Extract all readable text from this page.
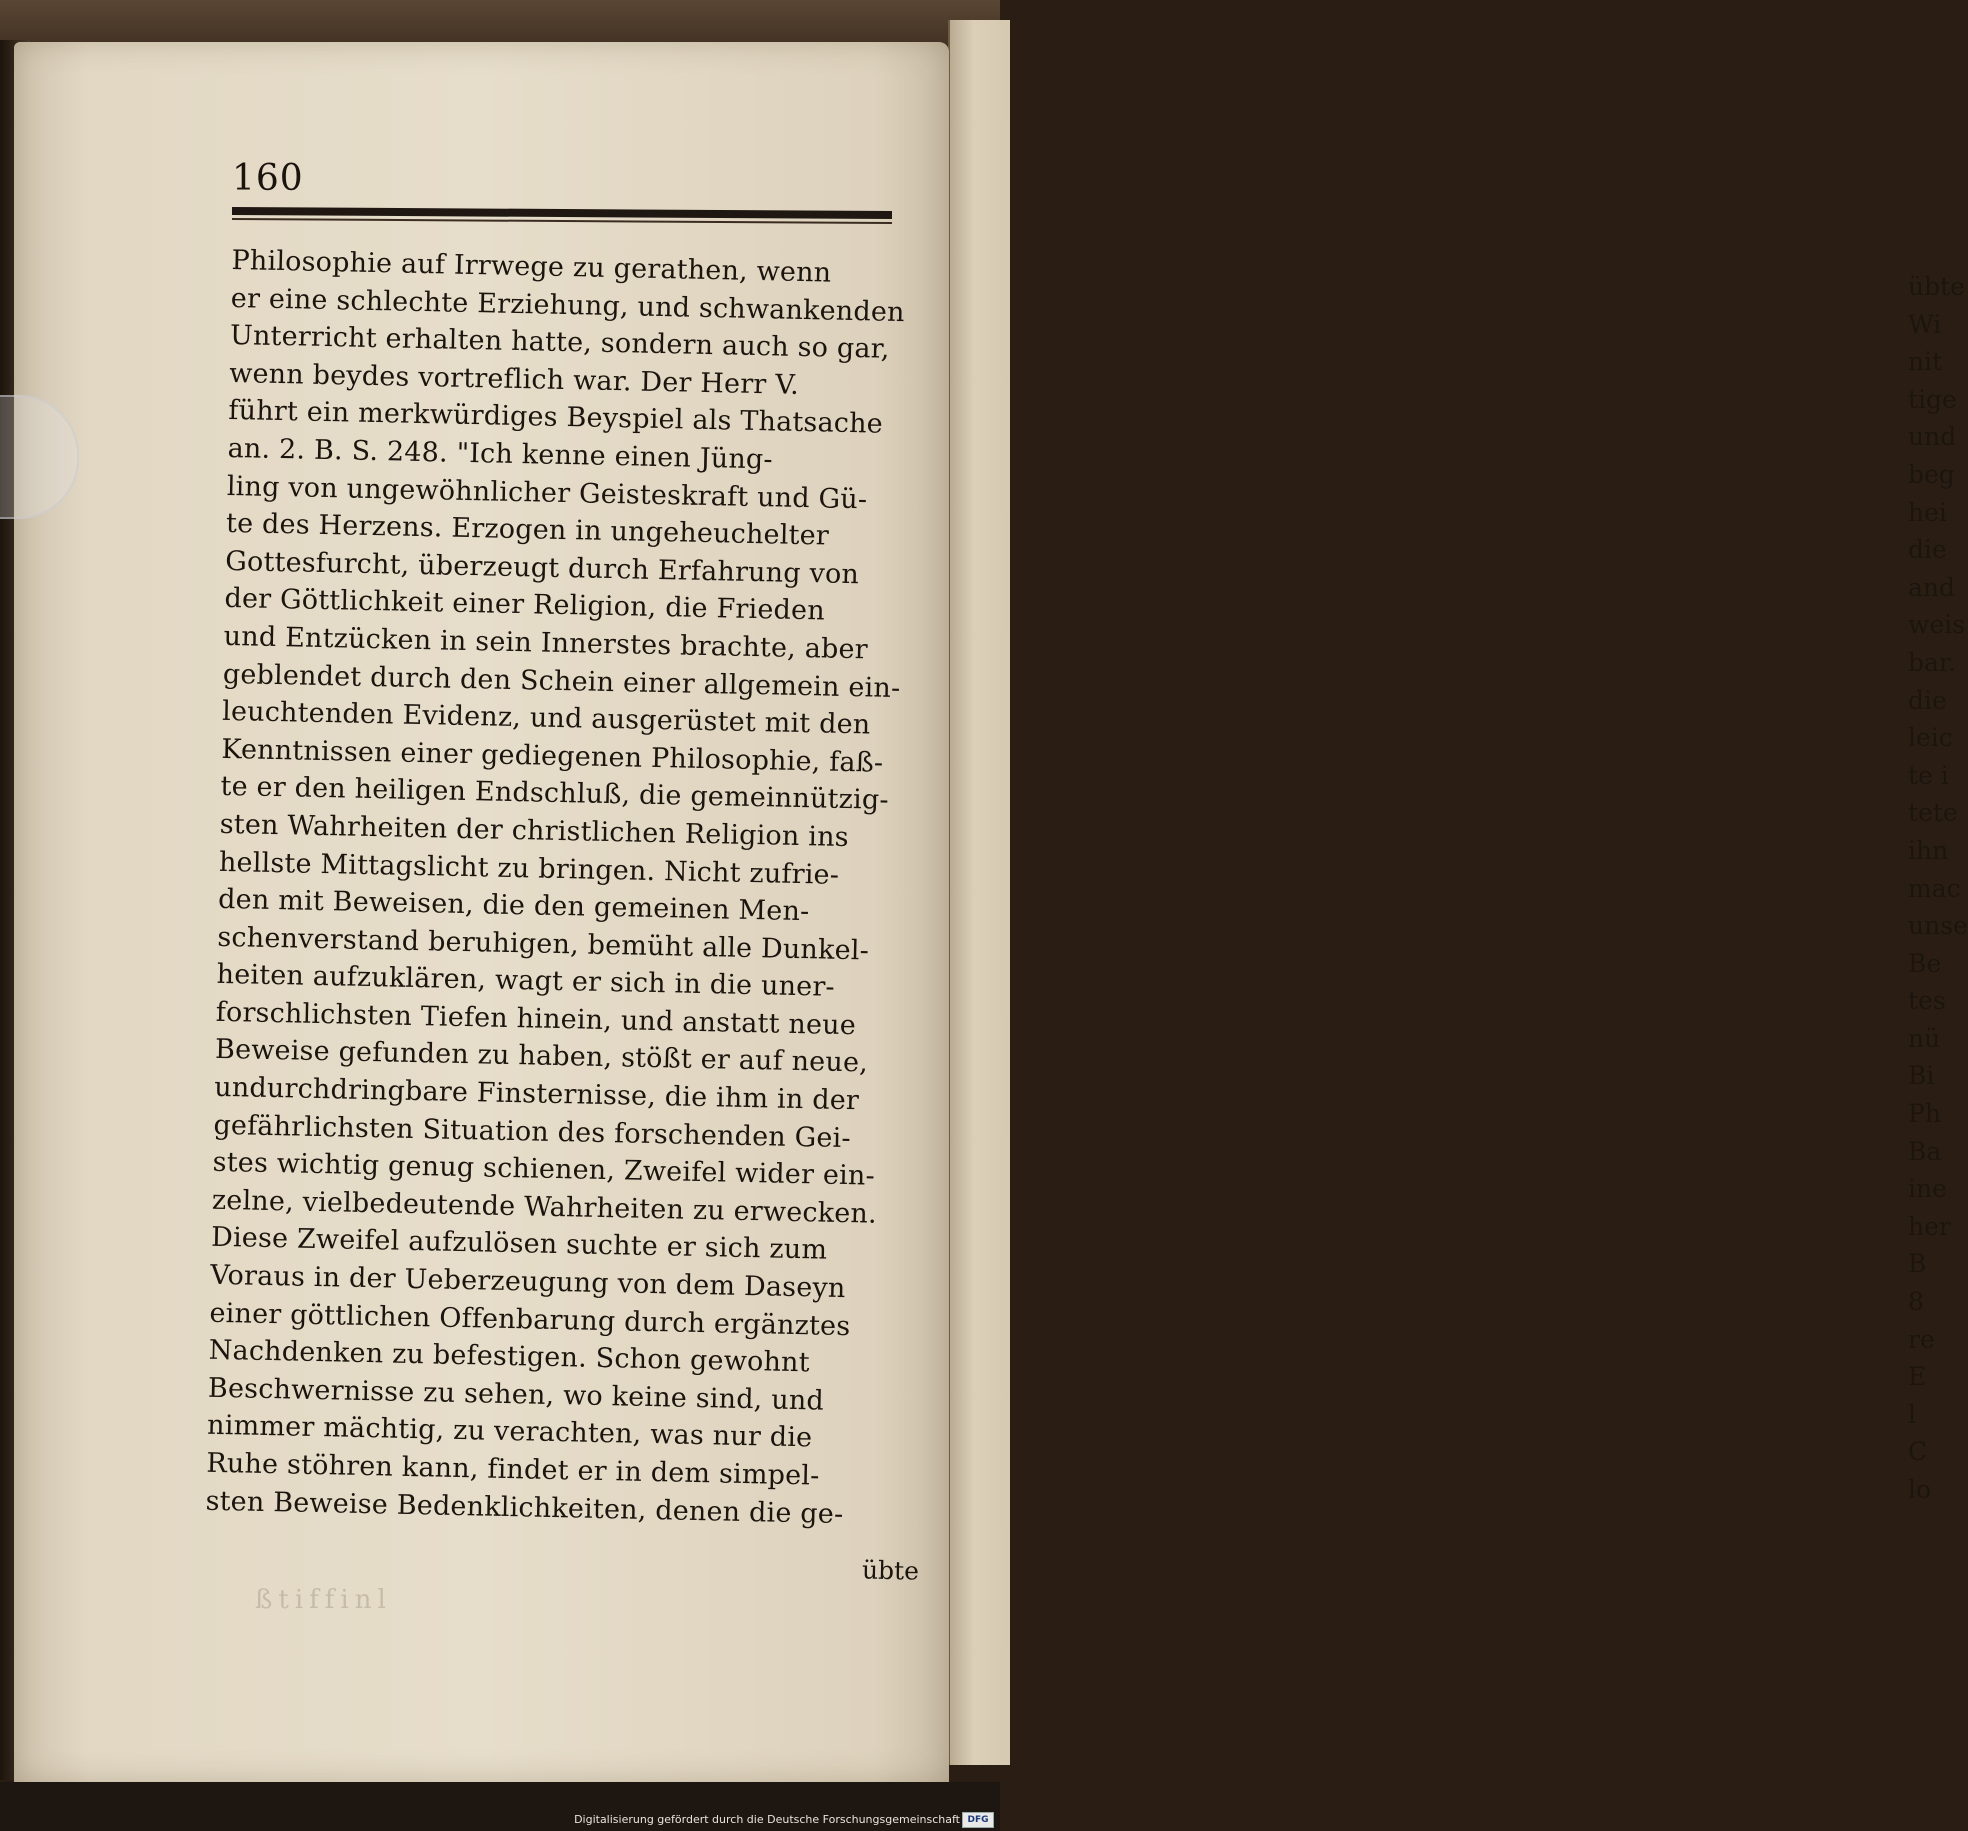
übte
Wi
nit
tige
und
beg
hei
die
and
weis
bar.
die
leic
te i
tete
ihn
mac
unse
Be
tes
nü
Bi
Ph
Ba
ine
her
B
8
re
E
l
C
lo
160
Philosophie auf Irrwege zu gerathen, wenn
er eine schlechte Erziehung, und schwankenden
Unterricht erhalten hatte, sondern auch so gar,
wenn beydes vortreflich war. Der Herr V.
führt ein merkwürdiges Beyspiel als Thatsache
an. 2. B. S. 248. "Ich kenne einen Jüng-
ling von ungewöhnlicher Geisteskraft und Gü-
te des Herzens. Erzogen in ungeheuchelter
Gottesfurcht, überzeugt durch Erfahrung von
der Göttlichkeit einer Religion, die Frieden
und Entzücken in sein Innerstes brachte, aber
geblendet durch den Schein einer allgemein ein-
leuchtenden Evidenz, und ausgerüstet mit den
Kenntnissen einer gediegenen Philosophie, faß-
te er den heiligen Endschluß, die gemeinnützig-
sten Wahrheiten der christlichen Religion ins
hellste Mittagslicht zu bringen. Nicht zufrie-
den mit Beweisen, die den gemeinen Men-
schenverstand beruhigen, bemüht alle Dunkel-
heiten aufzuklären, wagt er sich in die uner-
forschlichsten Tiefen hinein, und anstatt neue
Beweise gefunden zu haben, stößt er auf neue,
undurchdringbare Finsternisse, die ihm in der
gefährlichsten Situation des forschenden Gei-
stes wichtig genug schienen, Zweifel wider ein-
zelne, vielbedeutende Wahrheiten zu erwecken.
Diese Zweifel aufzulösen suchte er sich zum
Voraus in der Ueberzeugung von dem Daseyn
einer göttlichen Offenbarung durch ergänztes
Nachdenken zu befestigen. Schon gewohnt
Beschwernisse zu sehen, wo keine sind, und
nimmer mächtig, zu verachten, was nur die
Ruhe stöhren kann, findet er in dem simpel-
sten Beweise Bedenklichkeiten, denen die ge-
übte
ßtiffinl
Digitalisierung gefördert durch die Deutsche Forschungsgemeinschaft DFG
